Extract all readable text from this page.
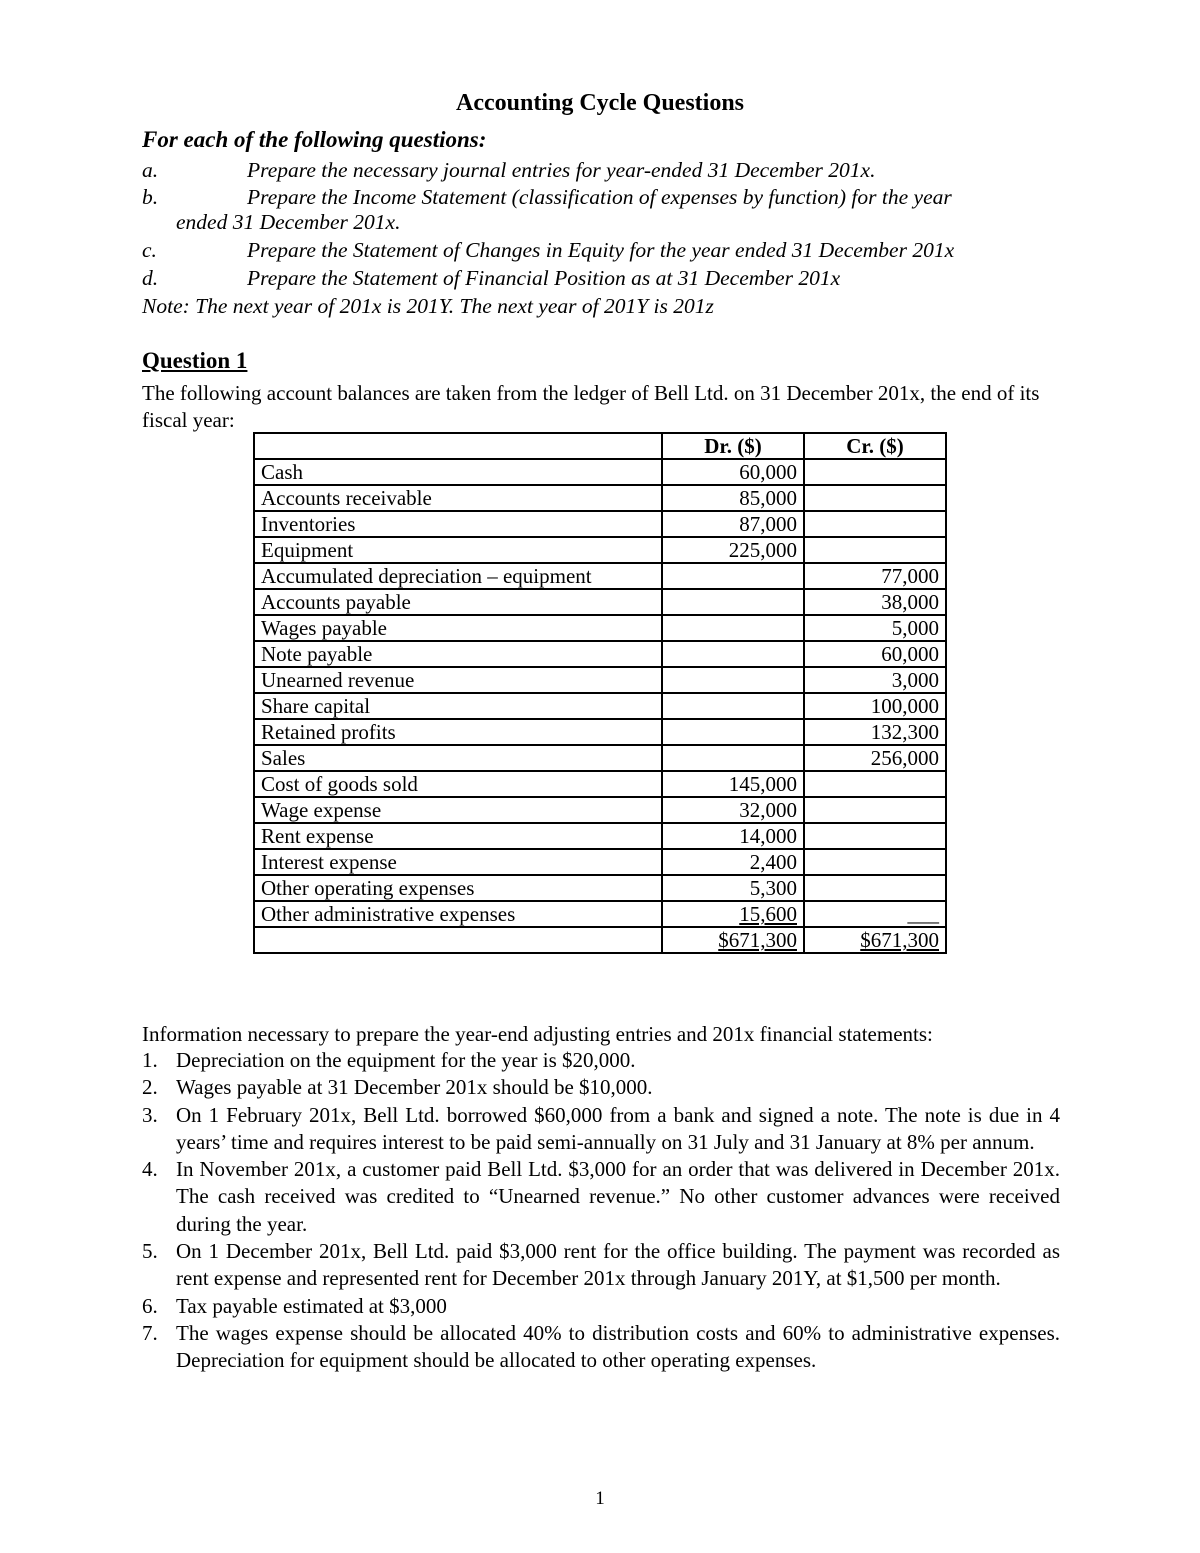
Accounting Cycle Questions
For each of the following questions:
a.	Prepare the necessary journal entries for year-ended 31 December 201x.
b.	Prepare the Income Statement (classification of expenses by function) for the year
ended 31 December 201x.
c.	Prepare the Statement of Changes in Equity for the year ended 31 December 201x
d.	Prepare the Statement of Financial Position as at 31 December 201x
Note: The next year of 201x is 201Y. The next year of 201Y is 201z
Question 1
The following account balances are taken from the ledger of Bell Ltd. on 31 December 201x, the end of its fiscal year:
	Dr. ($)	Cr. ($)
Cash	60,000	
Accounts receivable	85,000	
Inventories	87,000	
Equipment	225,000	
Accumulated depreciation – equipment		77,000
Accounts payable		38,000
Wages payable		5,000
Note payable		60,000
Unearned revenue		3,000
Share capital		100,000
Retained profits		132,300
Sales		256,000
Cost of goods sold	145,000	
Wage expense	32,000	
Rent expense	14,000	
Interest expense	2,400	
Other operating expenses	5,300	
Other administrative expenses	15,600	___
	$671,300	$671,300
Information necessary to prepare the year-end adjusting entries and 201x financial statements:
1. Depreciation on the equipment for the year is $20,000.
2. Wages payable at 31 December 201x should be $10,000.
3. On 1 February 201x, Bell Ltd. borrowed $60,000 from a bank and signed a note. The note is due in 4 years’ time and requires interest to be paid semi-annually on 31 July and 31 January at 8% per annum.
4. In November 201x, a customer paid Bell Ltd. $3,000 for an order that was delivered in December 201x. The cash received was credited to “Unearned revenue.” No other customer advances were received during the year.
5. On 1 December 201x, Bell Ltd. paid $3,000 rent for the office building. The payment was recorded as rent expense and represented rent for December 201x through January 201Y, at $1,500 per month.
6. Tax payable estimated at $3,000
7. The wages expense should be allocated 40% to distribution costs and 60% to administrative expenses. Depreciation for equipment should be allocated to other operating expenses.
1
